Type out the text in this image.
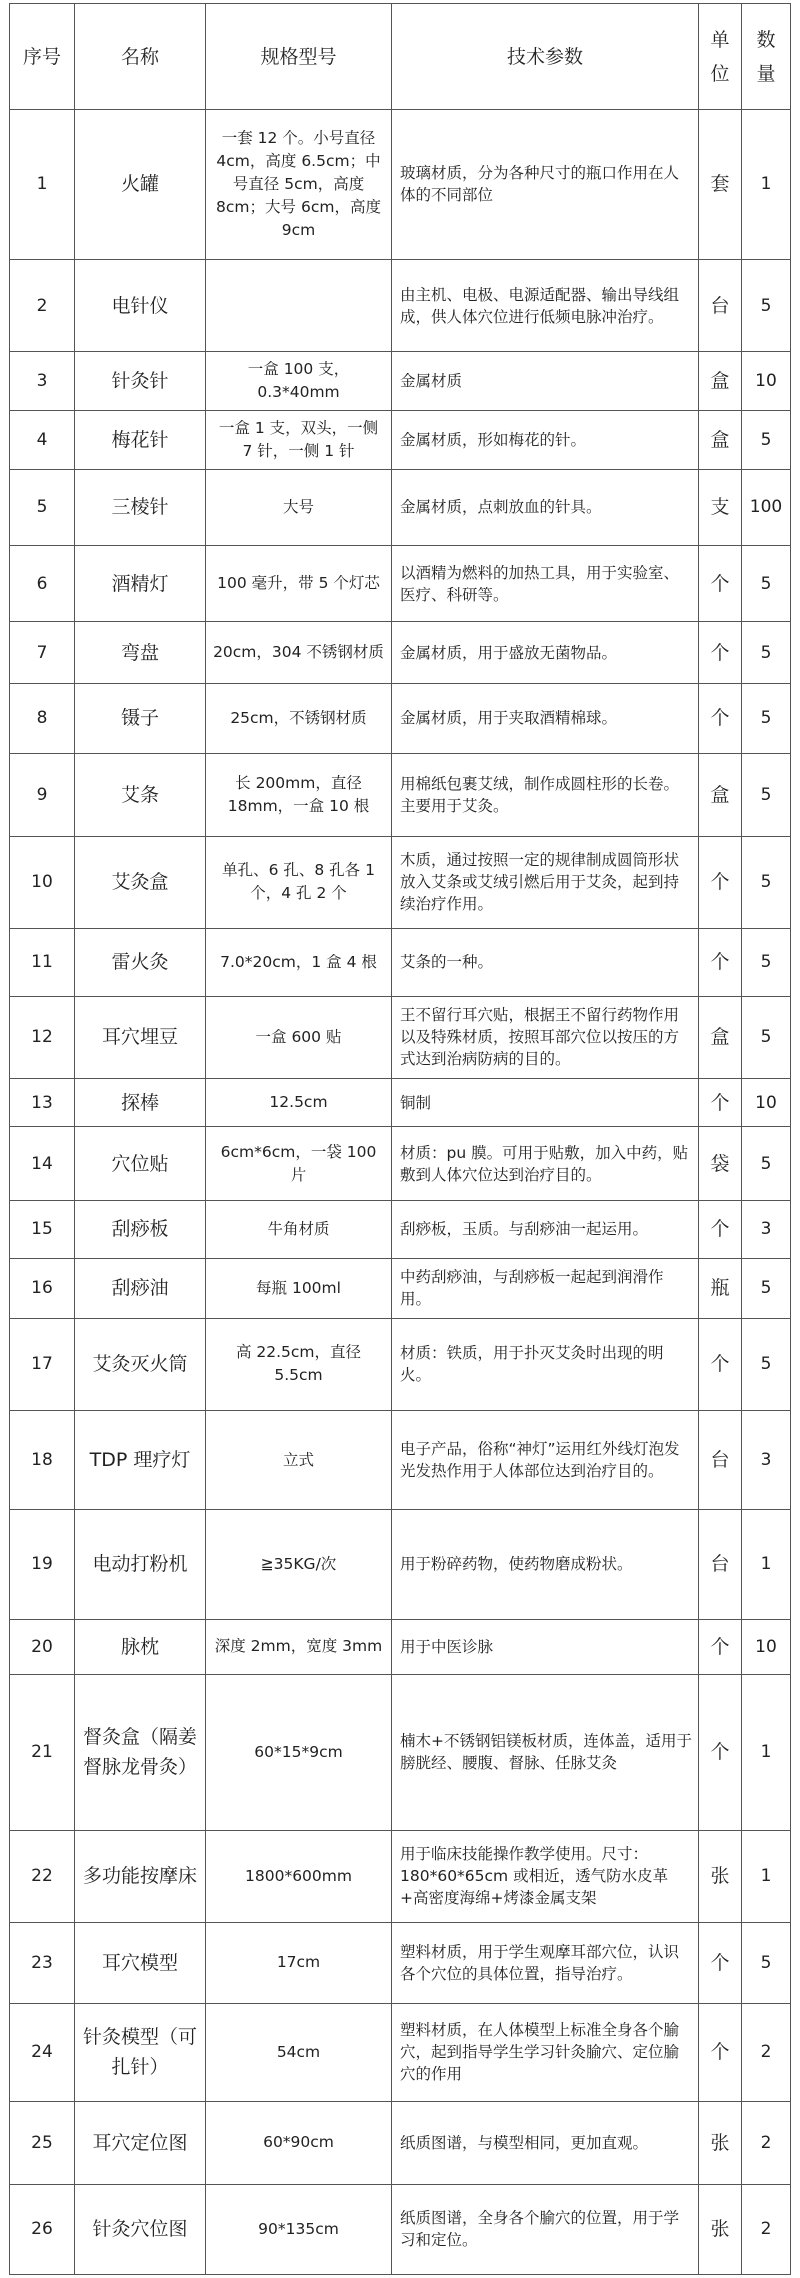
序号	名称	规格型号	技术参数	单位	数量
1	火罐	一套 12 个。小号直径 4cm，高度 6.5cm；中号直径 5cm，高度 8cm；大号 6cm，高度 9cm	玻璃材质，分为各种尺寸的瓶口作用在人体的不同部位	套	1
2	电针仪		由主机、电极、电源适配器、输出导线组成，供人体穴位进行低频电脉冲治疗。	台	5
3	针灸针	一盒 100 支，0.3*40mm	金属材质	盒	10
4	梅花针	一盒 1 支，双头，一侧 7 针，一侧 1 针	金属材质，形如梅花的针。	盒	5
5	三棱针	大号	金属材质，点刺放血的针具。	支	100
6	酒精灯	100 毫升，带 5 个灯芯	以酒精为燃料的加热工具，用于实验室、医疗、科研等。	个	5
7	弯盘	20cm，304 不锈钢材质	金属材质，用于盛放无菌物品。	个	5
8	镊子	25cm，不锈钢材质	金属材质，用于夹取酒精棉球。	个	5
9	艾条	长 200mm，直径 18mm，一盒 10 根	用棉纸包裹艾绒，制作成圆柱形的长卷。主要用于艾灸。	盒	5
10	艾灸盒	单孔、6 孔、8 孔各 1 个，4 孔 2 个	木质，通过按照一定的规律制成圆筒形状放入艾条或艾绒引燃后用于艾灸，起到持续治疗作用。	个	5
11	雷火灸	7.0*20cm，1 盒 4 根	艾条的一种。	个	5
12	耳穴埋豆	一盒 600 贴	王不留行耳穴贴，根据王不留行药物作用以及特殊材质，按照耳部穴位以按压的方式达到治病防病的目的。	盒	5
13	探棒	12.5cm	铜制	个	10
14	穴位贴	6cm*6cm，一袋 100 片	材质：pu 膜。可用于贴敷，加入中药，贴敷到人体穴位达到治疗目的。	袋	5
15	刮痧板	牛角材质	刮痧板，玉质。与刮痧油一起运用。	个	3
16	刮痧油	每瓶 100ml	中药刮痧油，与刮痧板一起起到润滑作用。	瓶	5
17	艾灸灭火筒	高 22.5cm，直径 5.5cm	材质：铁质，用于扑灭艾灸时出现的明火。	个	5
18	TDP 理疗灯	立式	电子产品，俗称“神灯”运用红外线灯泡发光发热作用于人体部位达到治疗目的。	台	3
19	电动打粉机	≧35KG/次	用于粉碎药物，使药物磨成粉状。	台	1
20	脉枕	深度 2mm，宽度 3mm	用于中医诊脉	个	10
21	督灸盒（隔姜督脉龙骨灸）	60*15*9cm	楠木+不锈钢铝镁板材质，连体盖，适用于膀胱经、腰腹、督脉、任脉艾灸	个	1
22	多功能按摩床	1800*600mm	用于临床技能操作教学使用。尺寸：180*60*65cm 或相近，透气防水皮革+高密度海绵+烤漆金属支架	张	1
23	耳穴模型	17cm	塑料材质，用于学生观摩耳部穴位，认识各个穴位的具体位置，指导治疗。	个	5
24	针灸模型（可扎针）	54cm	塑料材质，在人体模型上标准全身各个腧穴，起到指导学生学习针灸腧穴、定位腧穴的作用	个	2
25	耳穴定位图	60*90cm	纸质图谱，与模型相同，更加直观。	张	2
26	针灸穴位图	90*135cm	纸质图谱，全身各个腧穴的位置，用于学习和定位。	张	2
